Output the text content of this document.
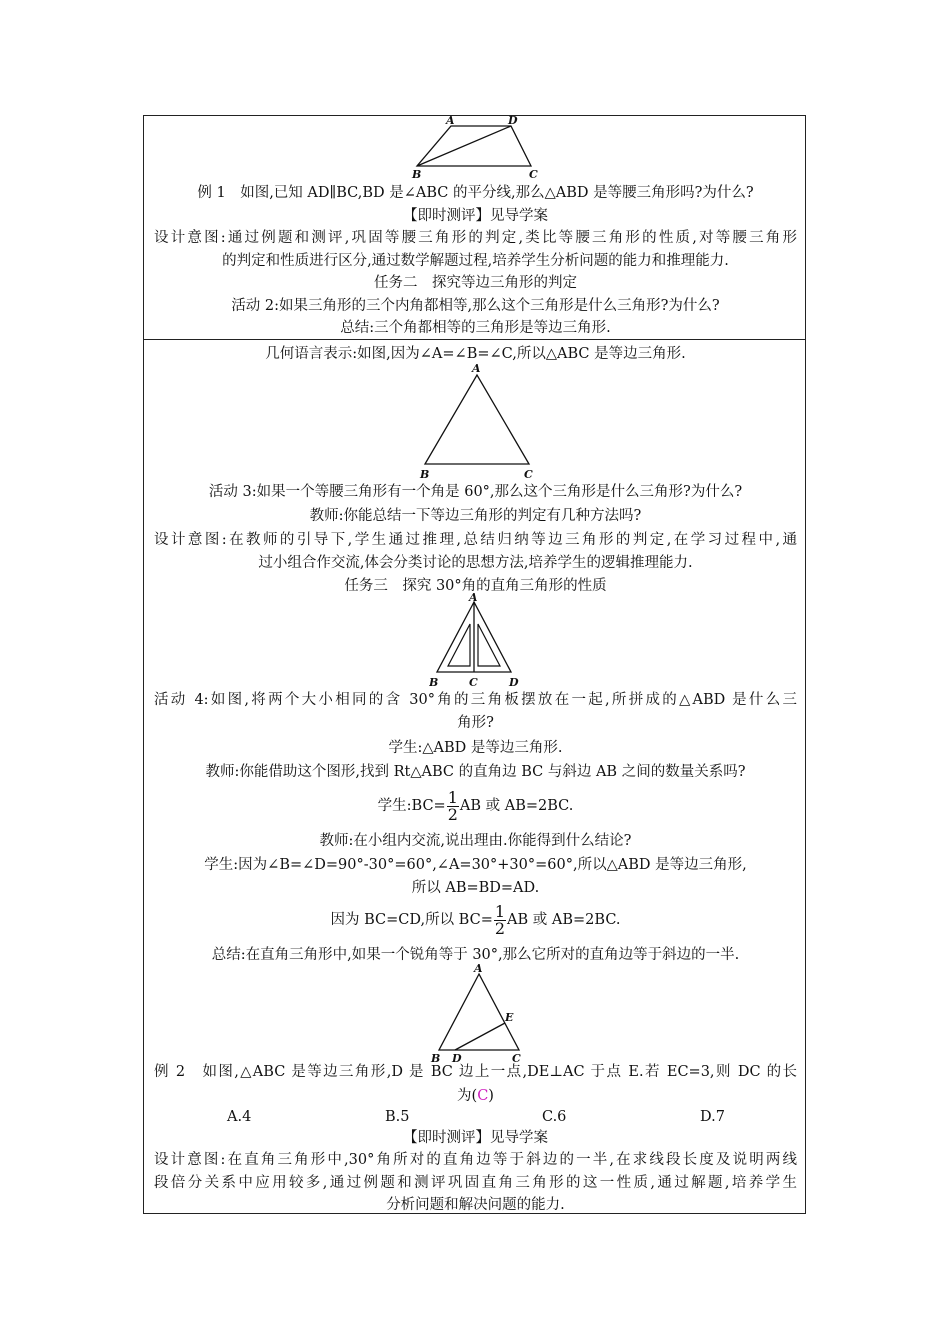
A	D
B	C
例 1　如图,已知 AD∥BC,BD 是∠ABC 的平分线,那么△ABD 是等腰三角形吗?为什么?
【即时测评】见导学案
设计意图:通过例题和测评,巩固等腰三角形的判定,类比等腰三角形的性质,对等腰三角形
的判定和性质进行区分,通过数学解题过程,培养学生分析问题的能力和推理能力.
任务二　探究等边三角形的判定
活动 2:如果三角形的三个内角都相等,那么这个三角形是什么三角形?为什么?
总结:三个角都相等的三角形是等边三角形.
几何语言表示:如图,因为∠A=∠B=∠C,所以△ABC 是等边三角形.
A
B	C
活动 3:如果一个等腰三角形有一个角是 60°,那么这个三角形是什么三角形?为什么?
教师:你能总结一下等边三角形的判定有几种方法吗?
设计意图:在教师的引导下,学生通过推理,总结归纳等边三角形的判定,在学习过程中,通
过小组合作交流,体会分类讨论的思想方法,培养学生的逻辑推理能力.
任务三　探究 30°角的直角三角形的性质
A
B	C	D
活动 4:如图,将两个大小相同的含 30°角的三角板摆放在一起,所拼成的△ABD 是什么三
角形?
学生:△ABD 是等边三角形.
教师:你能借助这个图形,找到 Rt△ABC 的直角边 BC 与斜边 AB 之间的数量关系吗?
学生:BC= $\frac{1}{2}$ AB 或 AB=2BC.
教师:在小组内交流,说出理由.你能得到什么结论?
学生:因为∠B=∠D=90°-30°=60°,∠A=30°+30°=60°,所以△ABD 是等边三角形,
所以 AB=BD=AD.
因为 BC=CD,所以 $BC= \frac{1}{2}$ AB 或 AB=2BC.
总结:在直角三角形中,如果一个锐角等于 30°,那么它所对的直角边等于斜边的一半.
A
E
B D	C
例 2　如图,△ABC 是等边三角形,D 是 BC 边上一点,DE⊥AC 于点 E.若 EC=3,则 DC 的长
为(C)
A.4	B.5	C.6	D.7
【即时测评】见导学案
设计意图:在直角三角形中,30°角所对的直角边等于斜边的一半,在求线段长度及说明两线
段倍分关系中应用较多,通过例题和测评巩固直角三角形的这一性质,通过解题,培养学生
分析问题和解决问题的能力.
